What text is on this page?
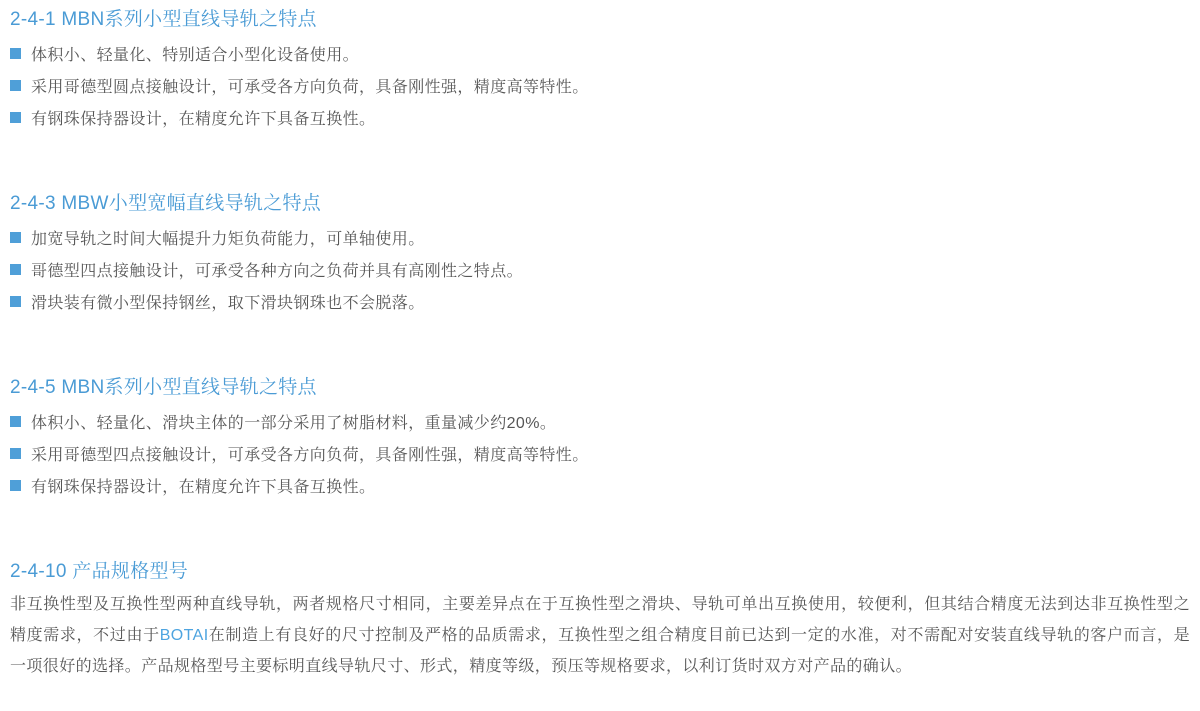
2-4-1 MBN系列小型直线导轨之特点
体积小、轻量化、特别适合小型化设备使用。
采用哥德型圆点接触设计，可承受各方向负荷，具备刚性强，精度高等特性。
有钢珠保持器设计，在精度允许下具备互换性。
2-4-3 MBW小型宽幅直线导轨之特点
加宽导轨之时间大幅提升力矩负荷能力，可单轴使用。
哥德型四点接触设计，可承受各种方向之负荷并具有高刚性之特点。
滑块装有微小型保持钢丝，取下滑块钢珠也不会脱落。
2-4-5 MBN系列小型直线导轨之特点
体积小、轻量化、滑块主体的一部分采用了树脂材料，重量减少约20%。
采用哥德型四点接触设计，可承受各方向负荷，具备刚性强，精度高等特性。
有钢珠保持器设计，在精度允许下具备互换性。
2-4-10 产品规格型号

非互换性型及互换性型两种直线导轨，两者规格尺寸相同，主要差异点在于互换性型之滑块、导轨可单出互换使用，较便利，但其结合精度无法到达非互换性型之精度需求，不过由于BOTAI在制造上有良好的尺寸控制及严格的品质需求，互换性型之组合精度目前已达到一定的水准，对不需配对安装直线导轨的客户而言，是一项很好的选择。产品规格型号主要标明直线导轨尺寸、形式，精度等级，预压等规格要求，以利订货时双方对产品的确认。
